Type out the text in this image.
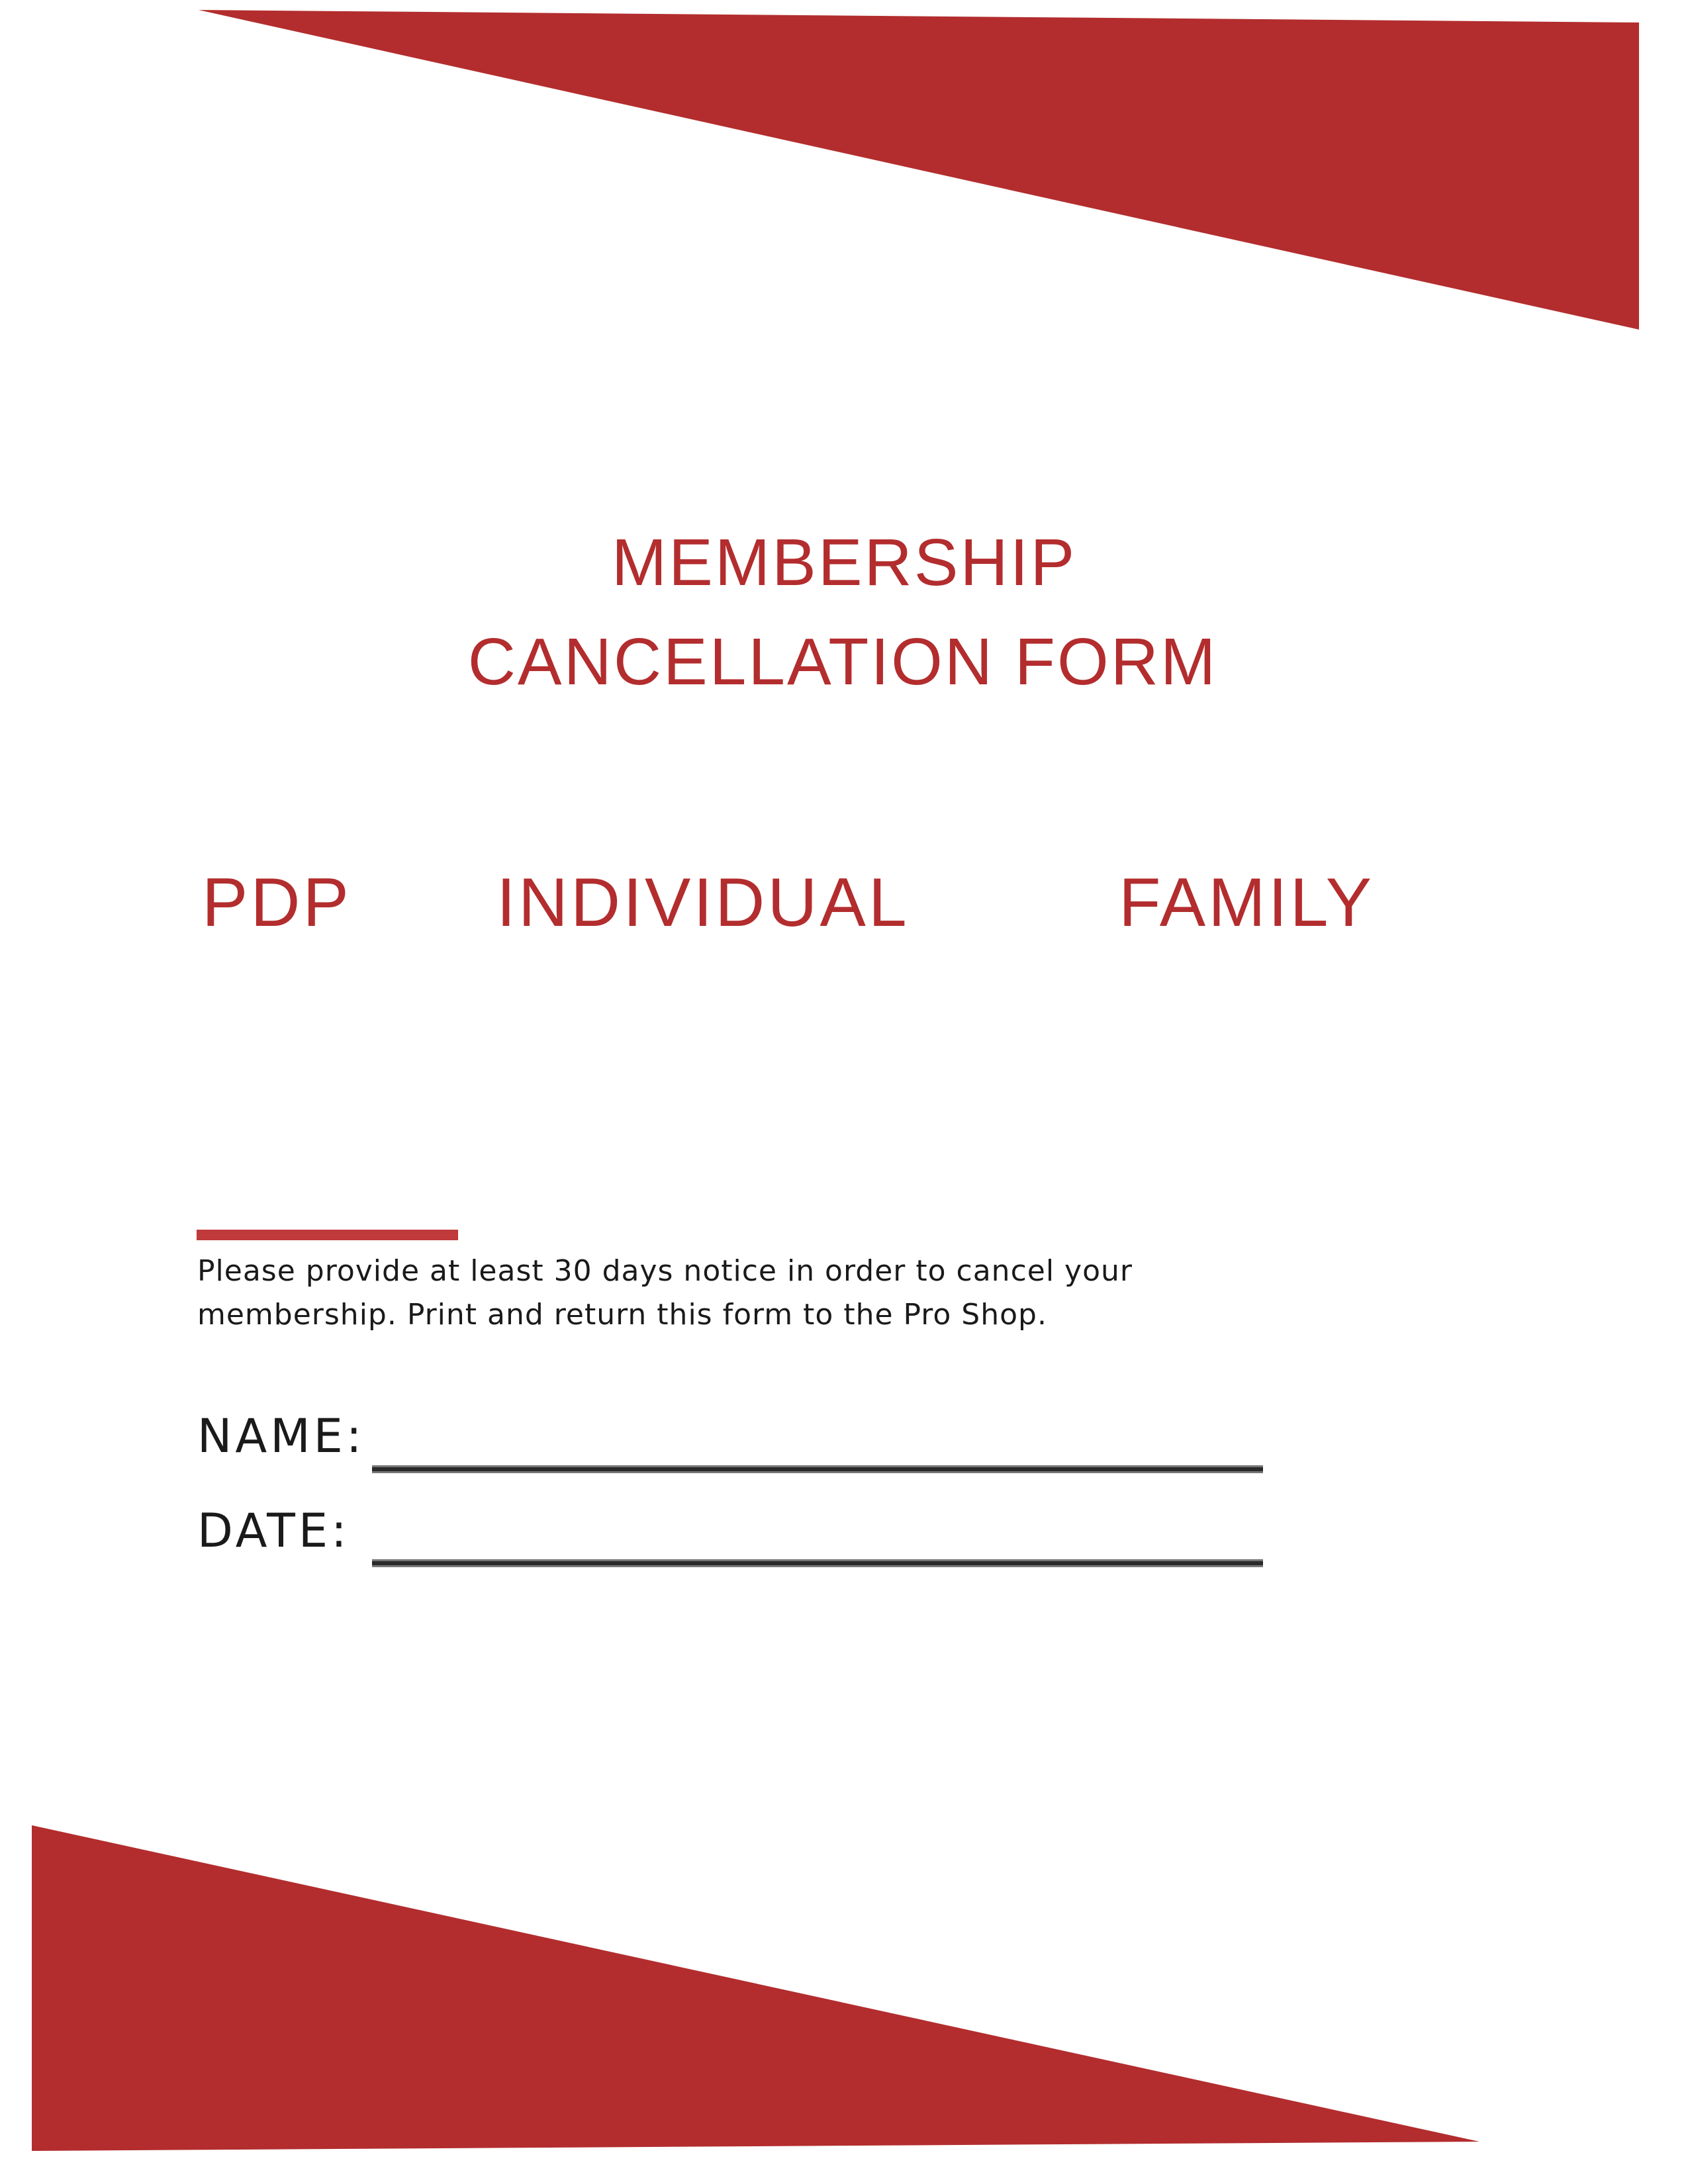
MEMBERSHIP
CANCELLATION FORM
PDP INDIVIDUAL	FAMILY

Please provide at least 30 days notice in order to cancel your membership. Print and return this form to the Pro Shop.

NAME:
DATE:
